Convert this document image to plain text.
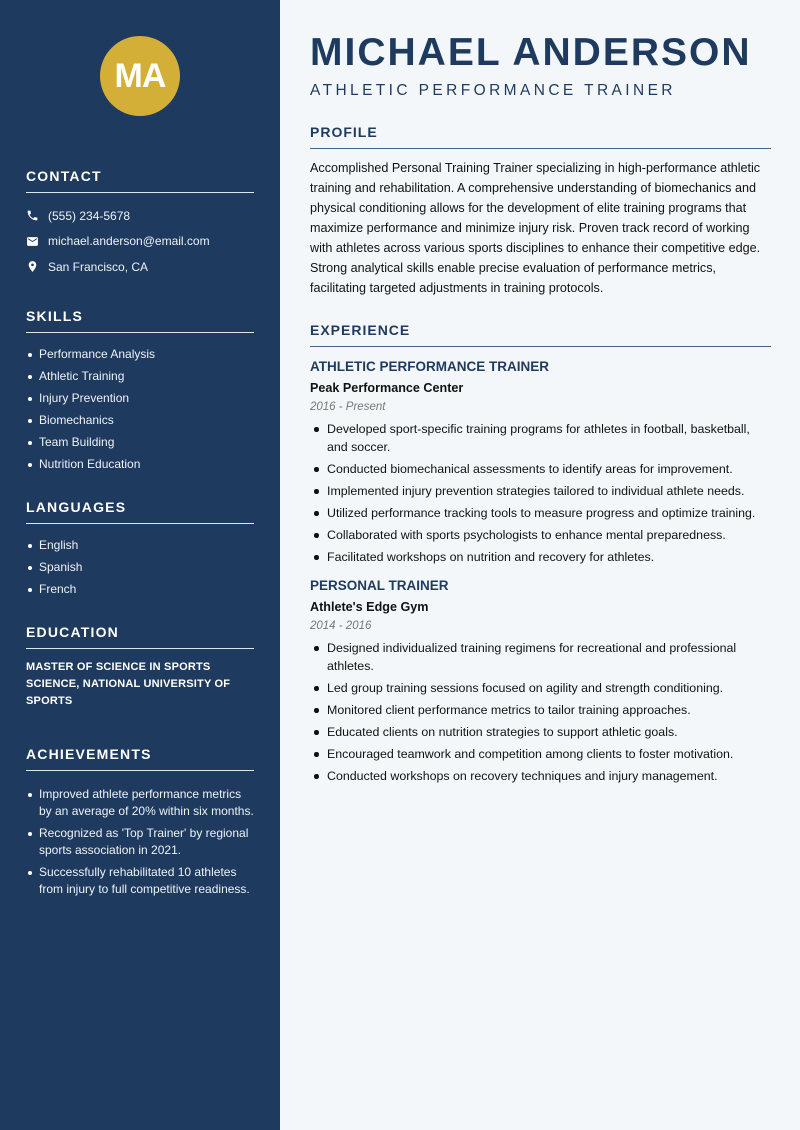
MA
CONTACT
(555) 234-5678
michael.anderson@email.com
San Francisco, CA
SKILLS
Performance Analysis
Athletic Training
Injury Prevention
Biomechanics
Team Building
Nutrition Education
LANGUAGES
English
Spanish
French
EDUCATION
MASTER OF SCIENCE IN SPORTS SCIENCE, NATIONAL UNIVERSITY OF SPORTS
ACHIEVEMENTS
Improved athlete performance metrics by an average of 20% within six months.
Recognized as 'Top Trainer' by regional sports association in 2021.
Successfully rehabilitated 10 athletes from injury to full competitive readiness.
MICHAEL ANDERSON
ATHLETIC PERFORMANCE TRAINER
PROFILE
Accomplished Personal Training Trainer specializing in high-performance athletic training and rehabilitation. A comprehensive understanding of biomechanics and physical conditioning allows for the development of elite training programs that maximize performance and minimize injury risk. Proven track record of working with athletes across various sports disciplines to enhance their competitive edge. Strong analytical skills enable precise evaluation of performance metrics, facilitating targeted adjustments in training protocols.
EXPERIENCE
ATHLETIC PERFORMANCE TRAINER
Peak Performance Center
2016 - Present
Developed sport-specific training programs for athletes in football, basketball, and soccer.
Conducted biomechanical assessments to identify areas for improvement.
Implemented injury prevention strategies tailored to individual athlete needs.
Utilized performance tracking tools to measure progress and optimize training.
Collaborated with sports psychologists to enhance mental preparedness.
Facilitated workshops on nutrition and recovery for athletes.
PERSONAL TRAINER
Athlete's Edge Gym
2014 - 2016
Designed individualized training regimens for recreational and professional athletes.
Led group training sessions focused on agility and strength conditioning.
Monitored client performance metrics to tailor training approaches.
Educated clients on nutrition strategies to support athletic goals.
Encouraged teamwork and competition among clients to foster motivation.
Conducted workshops on recovery techniques and injury management.
